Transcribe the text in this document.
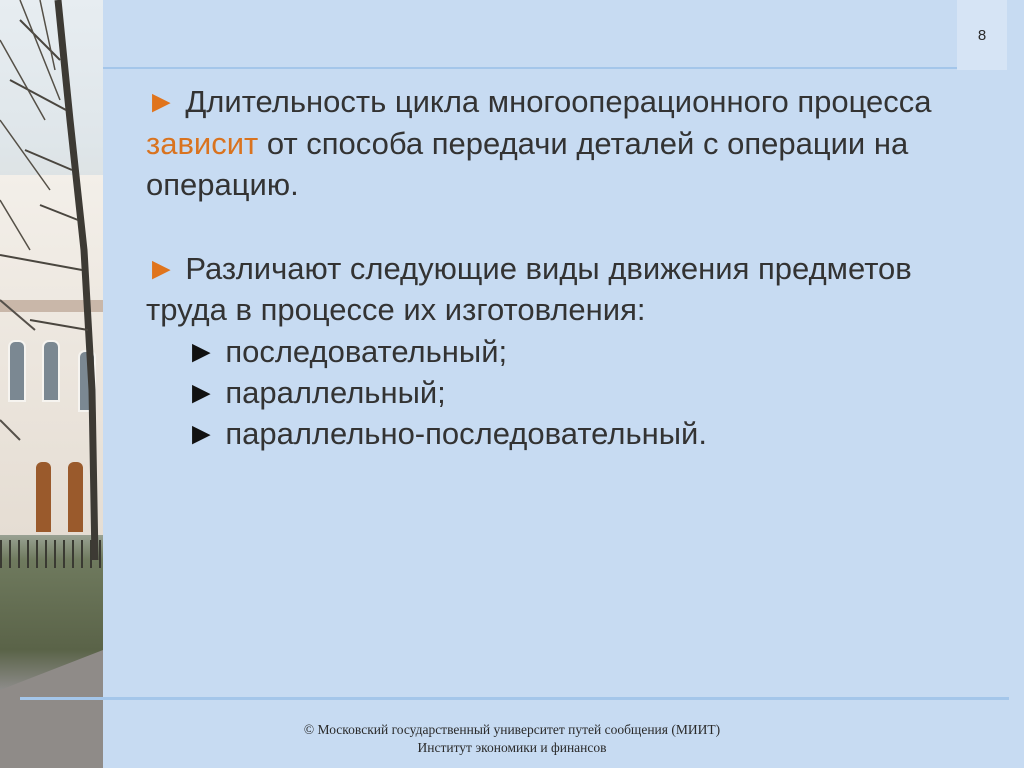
8

► Длительность цикла многооперационного процесса зависит от способа передачи деталей с операции на операцию.

► Различают следующие виды движения предметов труда в процессе их изготовления:

► последовательный;

► параллельный;

► параллельно-последовательный.

© Московский государственный университет путей сообщения (МИИТ)
Институт экономики и финансов
